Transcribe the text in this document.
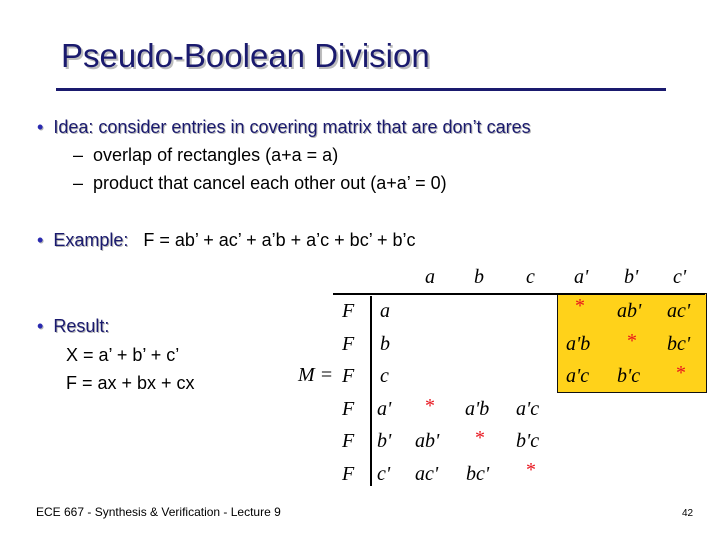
Pseudo-Boolean Division
• Idea: consider entries in covering matrix that are don’t cares
– overlap of rectangles (a+a = a)
– product that cancel each other out (a+a’ = 0)
• Example: F = ab’ + ac’ + a’b + a’c + bc’ + b’c
• Result:
X = a’ + b’ + c’
F = ax + bx + cx	M =
a b c a' b' c'
F
F
F
F
F
F
a
b
c
a'
b'
c'
* ab' ac'
a'b * bc'
a'c b'c *
* a'b a'c
ab' * b'c
ac' bc' *
ECE 667 - Synthesis & Verification - Lecture 9	42
